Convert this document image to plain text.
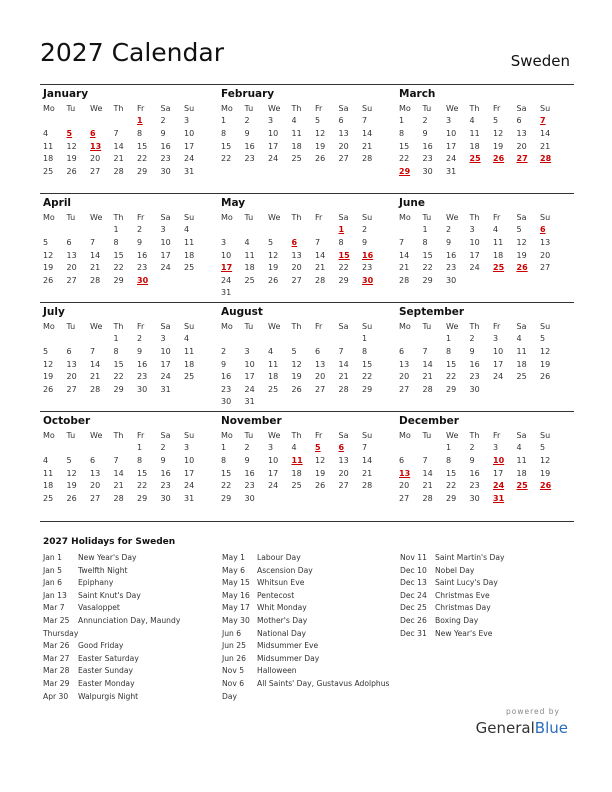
2027 Calendar	Sweden
January
Mo	Tu	We	Th	Fr	Sa	Su
				1	2	3
4	5	6	7	8	9	10
11	12	13	14	15	16	17
18	19	20	21	22	23	24
25	26	27	28	29	30	31
February
Mo	Tu	We	Th	Fr	Sa	Su
1	2	3	4	5	6	7
8	9	10	11	12	13	14
15	16	17	18	19	20	21
22	23	24	25	26	27	28
March
Mo	Tu	We	Th	Fr	Sa	Su
1	2	3	4	5	6	7
8	9	10	11	12	13	14
15	16	17	18	19	20	21
22	23	24	25	26	27	28
29	30	31				
April
Mo	Tu	We	Th	Fr	Sa	Su
			1	2	3	4
5	6	7	8	9	10	11
12	13	14	15	16	17	18
19	20	21	22	23	24	25
26	27	28	29	30		
May
Mo	Tu	We	Th	Fr	Sa	Su
					1	2
3	4	5	6	7	8	9
10	11	12	13	14	15	16
17	18	19	20	21	22	23
24	25	26	27	28	29	30
31						
June
Mo	Tu	We	Th	Fr	Sa	Su
	1	2	3	4	5	6
7	8	9	10	11	12	13
14	15	16	17	18	19	20
21	22	23	24	25	26	27
28	29	30				
July
Mo	Tu	We	Th	Fr	Sa	Su
			1	2	3	4
5	6	7	8	9	10	11
12	13	14	15	16	17	18
19	20	21	22	23	24	25
26	27	28	29	30	31	
August
Mo	Tu	We	Th	Fr	Sa	Su
						1
2	3	4	5	6	7	8
9	10	11	12	13	14	15
16	17	18	19	20	21	22
23	24	25	26	27	28	29
30	31					
September
Mo	Tu	We	Th	Fr	Sa	Su
		1	2	3	4	5
6	7	8	9	10	11	12
13	14	15	16	17	18	19
20	21	22	23	24	25	26
27	28	29	30			
October
Mo	Tu	We	Th	Fr	Sa	Su
				1	2	3
4	5	6	7	8	9	10
11	12	13	14	15	16	17
18	19	20	21	22	23	24
25	26	27	28	29	30	31
November
Mo	Tu	We	Th	Fr	Sa	Su
1	2	3	4	5	6	7
8	9	10	11	12	13	14
15	16	17	18	19	20	21
22	23	24	25	26	27	28
29	30					
December
Mo	Tu	We	Th	Fr	Sa	Su
		1	2	3	4	5
6	7	8	9	10	11	12
13	14	15	16	17	18	19
20	21	22	23	24	25	26
27	28	29	30	31		
2027 Holidays for Sweden
Jan 1	New Year's Day
Jan 5	Twelfth Night
Jan 6	Epiphany
Jan 13	Saint Knut's Day
Mar 7	Vasaloppet
Mar 25	Annunciation Day, Maundy
Thursday
Mar 26	Good Friday
Mar 27	Easter Saturday
Mar 28	Easter Sunday
Mar 29	Easter Monday
Apr 30	Walpurgis Night
May 1	Labour Day
May 6	Ascension Day
May 15 Whitsun Eve
May 16 Pentecost
May 17 Whit Monday
May 30 Mother's Day
Jun 6	National Day
Jun 25	Midsummer Eve
Jun 26	Midsummer Day
Nov 5	Halloween
Nov 6	All Saints' Day, Gustavus Adolphus
Day
Nov 11	Saint Martin's Day
Dec 10	Nobel Day
Dec 13	Saint Lucy's Day
Dec 24	Christmas Eve
Dec 25	Christmas Day
Dec 26	Boxing Day
Dec 31	New Year's Eve
powered by
GeneralBlue
